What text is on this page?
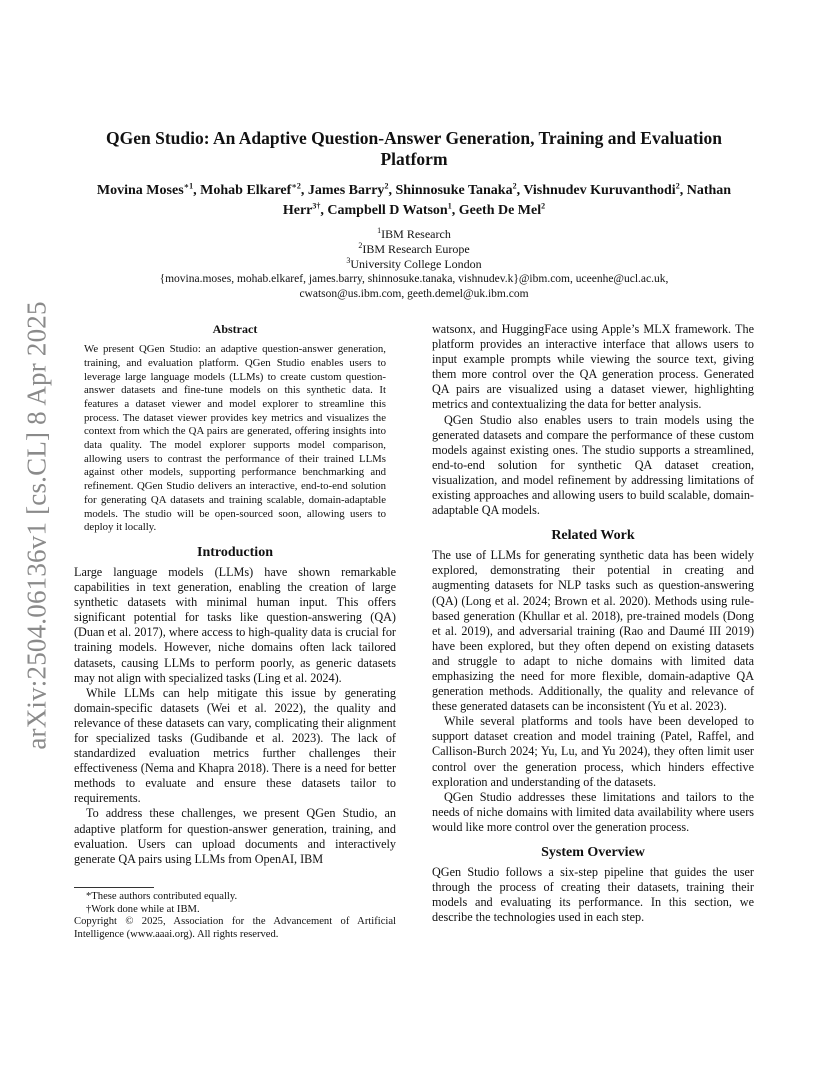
arXiv:2504.06136v1 [cs.CL] 8 Apr 2025
QGen Studio: An Adaptive Question-Answer Generation, Training and Evaluation Platform
Movina Moses$^{∗1}$, Mohab Elkaref$^{∗2}$, James Barry$^2$, Shinnosuke Tanaka$^2$, Vishnudev Kuruvanthodi$^2$, Nathan Herr$^{3\dagger}$, Campbell D Watson$^1$, Geeth De Mel$^2$
$^1$IBM Research
$^2$IBM Research Europe
$^3$University College London
{movina.moses, mohab.elkaref, james.barry, shinnosuke.tanaka, vishnudev.k}@ibm.com, uceenhe@ucl.ac.uk,
cwatson@us.ibm.com, geeth.demel@uk.ibm.com
Abstract

We present QGen Studio: an adaptive question-answer generation, training, and evaluation platform. QGen Studio enables users to leverage large language models (LLMs) to create custom question-answer datasets and fine-tune models on this synthetic data. It features a dataset viewer and model explorer to streamline this process. The dataset viewer provides key metrics and visualizes the context from which the QA pairs are generated, offering insights into data quality. The model explorer supports model comparison, allowing users to contrast the performance of their trained LLMs against other models, supporting performance benchmarking and refinement. QGen Studio delivers an interactive, end-to-end solution for generating QA datasets and training scalable, domain-adaptable models. The studio will be open-sourced soon, allowing users to deploy it locally.

Introduction

Large language models (LLMs) have shown remarkable capabilities in text generation, enabling the creation of large synthetic datasets with minimal human input. This offers significant potential for tasks like question-answering (QA) (Duan et al. 2017), where access to high-quality data is crucial for training models. However, niche domains often lack tailored datasets, causing LLMs to perform poorly, as generic datasets may not align with specialized tasks (Ling et al. 2024).

While LLMs can help mitigate this issue by generating domain-specific datasets (Wei et al. 2022), the quality and relevance of these datasets can vary, complicating their alignment for specialized tasks (Gudibande et al. 2023). The lack of standardized evaluation metrics further challenges their effectiveness (Nema and Khapra 2018). There is a need for better methods to evaluate and ensure these datasets tailor to requirements.

To address these challenges, we present QGen Studio, an adaptive platform for question-answer generation, training, and evaluation. Users can upload documents and interactively generate QA pairs using LLMs from OpenAI, IBM

*These authors contributed equally.

†Work done while at IBM.

Copyright © 2025, Association for the Advancement of Artificial Intelligence (www.aaai.org). All rights reserved.

watsonx, and HuggingFace using Apple’s MLX framework. The platform provides an interactive interface that allows users to input example prompts while viewing the source text, giving them more control over the QA generation process. Generated QA pairs are visualized using a dataset viewer, highlighting metrics and contextualizing the data for better analysis.

QGen Studio also enables users to train models using the generated datasets and compare the performance of these custom models against existing ones. The studio supports a streamlined, end-to-end solution for synthetic QA dataset creation, visualization, and model refinement by addressing limitations of existing approaches and allowing users to build scalable, domain-adaptable QA models.

Related Work

The use of LLMs for generating synthetic data has been widely explored, demonstrating their potential in creating and augmenting datasets for NLP tasks such as question-answering (QA) (Long et al. 2024; Brown et al. 2020). Methods using rule-based generation (Khullar et al. 2018), pre-trained models (Dong et al. 2019), and adversarial training (Rao and Daumé III 2019) have been explored, but they often depend on existing datasets and struggle to adapt to niche domains with limited data emphasizing the need for more flexible, domain-adaptive QA generation methods. Additionally, the quality and relevance of these generated datasets can be inconsistent (Yu et al. 2023).

While several platforms and tools have been developed to support dataset creation and model training (Patel, Raffel, and Callison-Burch 2024; Yu, Lu, and Yu 2024), they often limit user control over the generation process, which hinders effective exploration and understanding of the datasets.

QGen Studio addresses these limitations and tailors to the needs of niche domains with limited data availability where users would like more control over the generation process.

System Overview

QGen Studio follows a six-step pipeline that guides the user through the process of creating their datasets, training their models and evaluating its performance. In this section, we describe the technologies used in each step.
